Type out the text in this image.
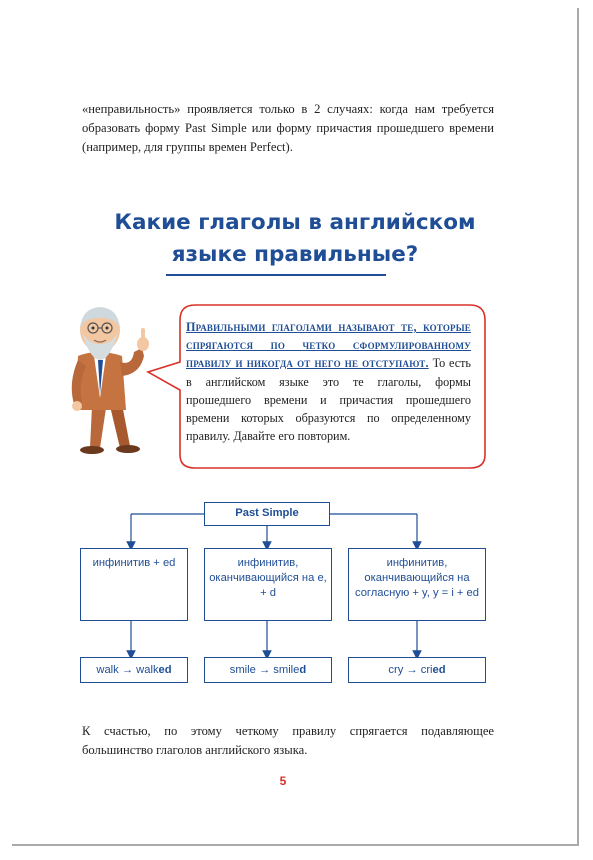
«неправильность» проявляется только в 2 случаях: когда нам требуется образовать форму Past Simple или форму причастия прошедшего времени (например, для группы времен Perfect).

Какие глаголы в английском
языке правильные?

Правильными глаголами называют те, которые спрягаются по четко сформулированному правилу и никогда от него не отступают. То есть в английском языке это те глаголы, формы прошедшего времени и причастия прошедшего времени которых образуются по определенному правилу. Давайте его повторим.

Past Simple
инфинитив + ed	инфинитив, оканчивающийся на e, + d
инфинитив, оканчивающийся на согласную + y, y = i + ed
walk → walked	smile → smiled	cry → cried

К счастью, по этому четкому правилу спрягается подавляющее большинство глаголов английского языка.

5
